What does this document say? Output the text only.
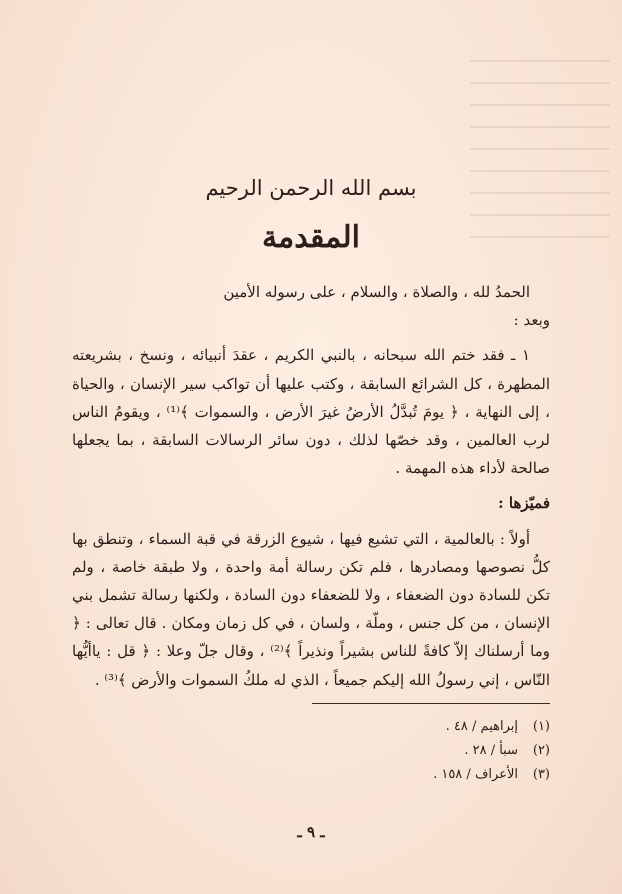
بسم الله الرحمن الرحيم
المقدمة

الحمدُ لله ، والصلاة ، والسلام ، على رسوله الأمين

وبعد :

١ ـ فقد ختم الله سبحانه ، بالنبي الكريم ، عقدَ أنبيائه ، ونسخ ، بشريعته المطهرة ، كل الشرائع السابقة ، وكتب عليها أن تواكب سير الإنسان ، والحياة ، إلى النهاية ، ﴿ يومَ تُبدَّلُ الأرضُ غيرَ الأرض ، والسموات ﴾⁽¹⁾ ، ويقومُ الناس لرب العالمين ، وقد خصّها لذلك ، دون سائر الرسالات السابقة ، بما يجعلها صالحة لأداء هذه المهمة .

فميّزها :

أولاً : بالعالمية ، التي تشيع فيها ، شيوع الزرقة في قبة السماء ، وتنطق بها كلُّ نصوصها ومصادرها ، فلم تكن رسالة أمة واحدة ، ولا طبقة خاصة ، ولم تكن للسادة دون الضعفاء ، ولا للضعفاء دون السادة ، ولكنها رسالة تشمل بني الإنسان ، من كل جنس ، وملّة ، ولسان ، في كل زمان ومكان . قال تعالى : ﴿ وما أرسلناك إلاّ كافةً للناس بشيراً ونذيراً ﴾⁽²⁾ ، وقال جلّ وعلا : ﴿ قل : ياأيُّها النّاس ، إني رسولُ الله إليكم جميعاً ، الذي له ملكُ السموات والأرض ﴾⁽³⁾ .

(١)
إبراهيم / ٤٨ .
(٢)
سبأ / ٢٨ .
(٣)
الأعراف / ١٥٨ .
ـ ٩ ـ
